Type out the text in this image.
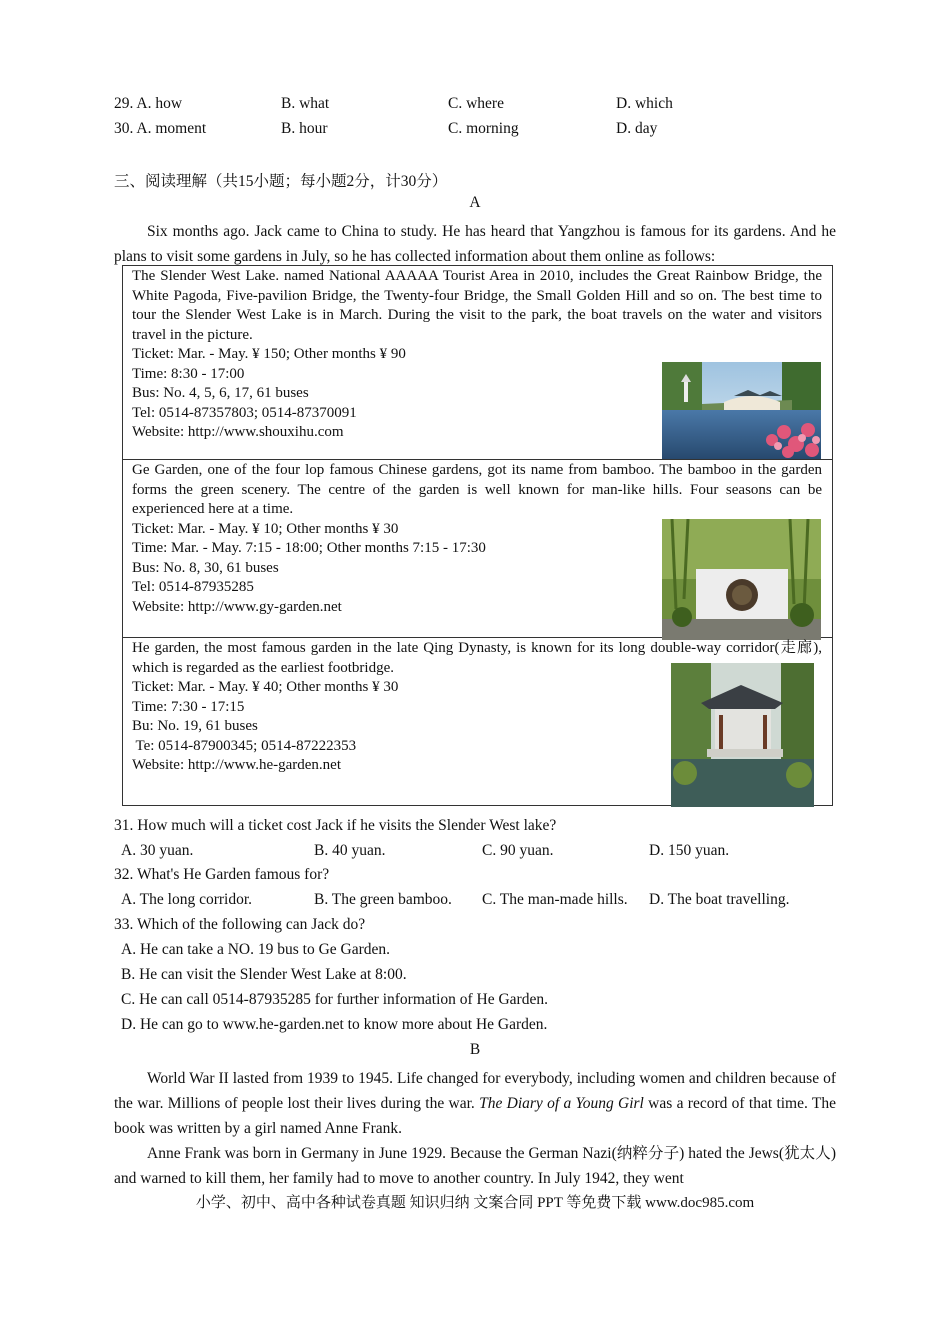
29. A. how	B. what	C. where	D. which
30. A. moment	B. hour	C. morning	D. day
三、阅读理解（共15小题；每小题2分，计30分）
A
Six months ago. Jack came to China to study. He has heard that Yangzhou is famous for its gardens. And he plans to visit some gardens in July, so he has collected information about them online as follows:
The Slender West Lake. named National AAAAA Tourist Area in 2010, includes the Great Rainbow Bridge, the White Pagoda, Five-pavilion Bridge, the Twenty-four Bridge, the Small Golden Hill and so on. The best time to tour the Slender West Lake is in March. During the visit to the park, the boat travels on the water and visitors travel in the picture.
Ticket: Mar. - May. ¥ 150; Other months ¥ 90
Time: 8:30 - 17:00
Bus: No. 4, 5, 6, 17, 61 buses
Tel: 0514-87357803; 0514-87370091
Website: http://www.shouxihu.com

Ge Garden, one of the four lop famous Chinese gardens, got its name from bamboo. The bamboo in the garden forms the green scenery. The centre of the garden is well known for man-like hills. Four seasons can be experienced here at a time.
Ticket: Mar. - May. ¥ 10; Other months ¥ 30
Time: Mar. - May. 7:15 - 18:00; Other months 7:15 - 17:30
Bus: No. 8, 30, 61 buses
Tel: 0514-87935285
Website: http://www.gy-garden.net

He garden, the most famous garden in the late Qing Dynasty, is known for its long double-way corridor(走廊), which is regarded as the earliest footbridge.
Ticket: Mar. - May. ¥ 40; Other months ¥ 30
Time: 7:30 - 17:15
Bu: No. 19, 61 buses
Te: 0514-87900345; 0514-87222353
Website: http://www.he-garden.net
31. How much will a ticket cost Jack if he visits the Slender West lake?
A. 30 yuan.	B. 40 yuan.	C. 90 yuan.	D. 150 yuan.
32. What's He Garden famous for?
A. The long corridor.	B. The green bamboo. C. The man-made hills. D. The boat travelling.
33. Which of the following can Jack do?
A. He can take a NO. 19 bus to Ge Garden.
B. He can visit the Slender West Lake at 8:00.
C. He can call 0514-87935285 for further information of He Garden.
D. He can go to www.he-garden.net to know more about He Garden.
B
World War II lasted from 1939 to 1945. Life changed for everybody, including women and children because of the war. Millions of people lost their lives during the war. The Diary of a Young Girl was a record of that time. The book was written by a girl named Anne Frank.
Anne Frank was born in Germany in June 1929. Because the German Nazi(纳粹分子) hated the Jews(犹太人) and warned to kill them, her family had to move to another country. In July 1942, they went
小学、初中、高中各种试卷真题 知识归纳 文案合同 PPT 等免费下载 www.doc985.com
